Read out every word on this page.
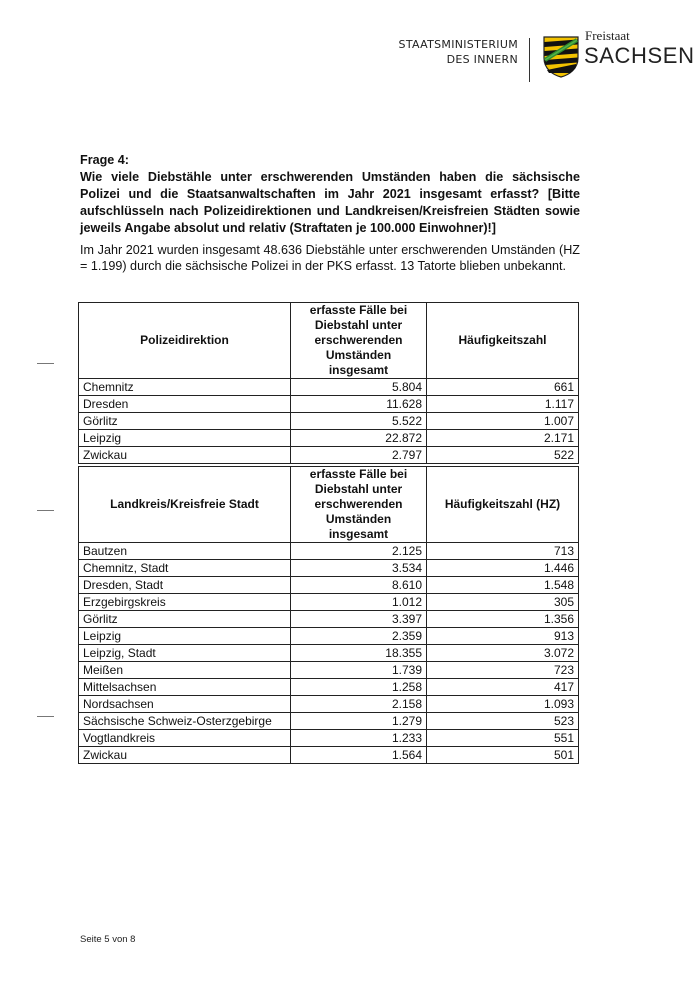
STAATSMINISTERIUM
DES INNERN
Freistaat
SACHSEN
Frage 4:
Wie viele Diebstähle unter erschwerenden Umständen haben die sächsische Polizei und die Staatsanwaltschaften im Jahr 2021 insgesamt erfasst? [Bitte aufschlüsseln nach Polizeidirektionen und Landkreisen/Kreisfreien Städten sowie jeweils Angabe absolut und relativ (Straftaten je 100.000 Einwohner)!]
Im Jahr 2021 wurden insgesamt 48.636 Diebstähle unter erschwerenden Umständen (HZ = 1.199) durch die sächsische Polizei in der PKS erfasst. 13 Tatorte blieben unbekannt.
Polizeidirektion	erfasste Fälle bei Diebstahl unter erschwerenden Umständen insgesamt	Häufigkeitszahl
Chemnitz	5.804	661
Dresden	11.628	1.117
Görlitz	5.522	1.007
Leipzig	22.872	2.171
Zwickau	2.797	522
Landkreis/Kreisfreie Stadt	erfasste Fälle bei Diebstahl unter erschwerenden Umständen insgesamt	Häufigkeitszahl (HZ)
Bautzen	2.125	713
Chemnitz, Stadt	3.534	1.446
Dresden, Stadt	8.610	1.548
Erzgebirgskreis	1.012	305
Görlitz	3.397	1.356
Leipzig	2.359	913
Leipzig, Stadt	18.355	3.072
Meißen	1.739	723
Mittelsachsen	1.258	417
Nordsachsen	2.158	1.093
Sächsische Schweiz-Osterzgebirge	1.279	523
Vogtlandkreis	1.233	551
Zwickau	1.564	501
Seite 5 von 8
